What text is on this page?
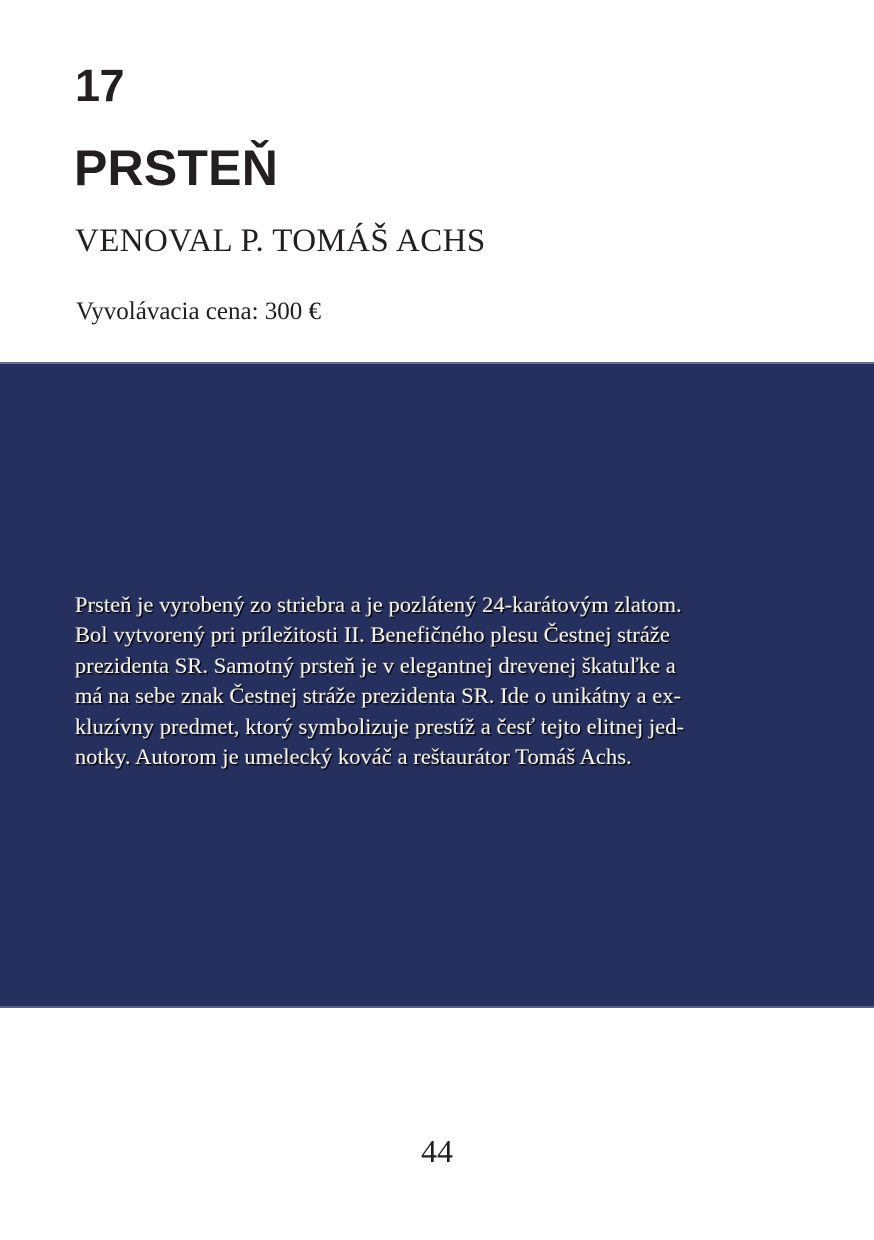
17
PRSTEŇ
VENOVAL P. TOMÁŠ ACHS
Vyvolávacia cena: 300 €
Prsteň je vyrobený zo striebra a je pozlátený 24-karátovým zlatom.
Bol vytvorený pri príležitosti II. Benefičného plesu Čestnej stráže
prezidenta SR. Samotný prsteň je v elegantnej drevenej škatuľke a
má na sebe znak Čestnej stráže prezidenta SR. Ide o unikátny a ex-
kluzívny predmet, ktorý symbolizuje prestíž a česť tejto elitnej jed-
notky. Autorom je umelecký kováč a reštaurátor Tomáš Achs.
44
